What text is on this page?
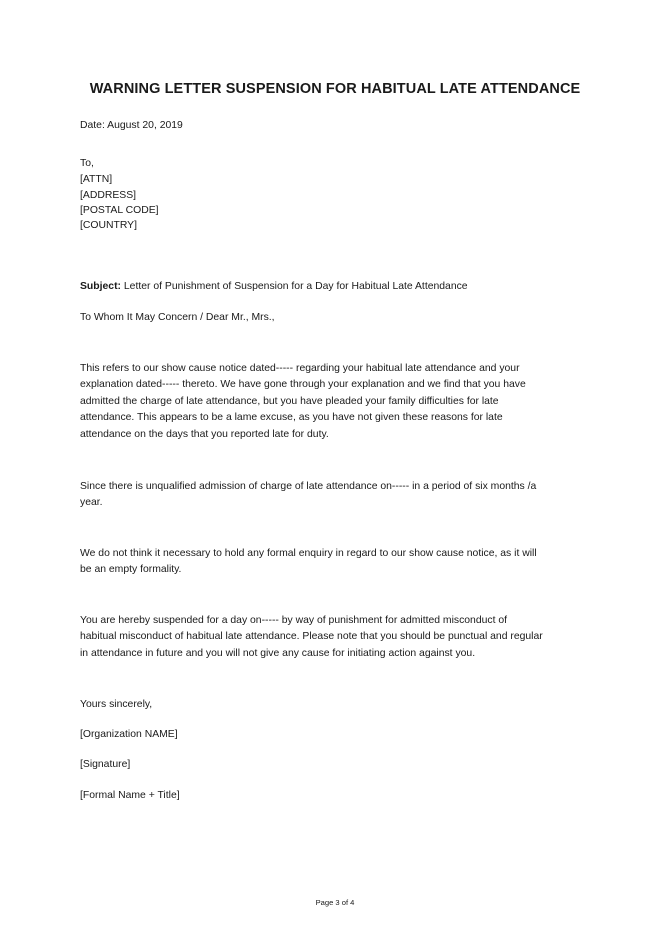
WARNING LETTER SUSPENSION FOR HABITUAL LATE ATTENDANCE
Date: August 20, 2019
To,
[ATTN]
[ADDRESS]
[POSTAL CODE]
[COUNTRY]
Subject: Letter of Punishment of Suspension for a Day for Habitual Late Attendance
To Whom It May Concern / Dear Mr., Mrs.,
This refers to our show cause notice dated----- regarding your habitual late attendance and your
explanation dated----- thereto. We have gone through your explanation and we find that you have
admitted the charge of late attendance, but you have pleaded your family difficulties for late
attendance. This appears to be a lame excuse, as you have not given these reasons for late
attendance on the days that you reported late for duty.
Since there is unqualified admission of charge of late attendance on----- in a period of six months /a
year.
We do not think it necessary to hold any formal enquiry in regard to our show cause notice, as it will
be an empty formality.
You are hereby suspended for a day on----- by way of punishment for admitted misconduct of
habitual misconduct of habitual late attendance. Please note that you should be punctual and regular
in attendance in future and you will not give any cause for initiating action against you.
Yours sincerely,
[Organization NAME]
[Signature]
[Formal Name + Title]
Page 3 of 4
